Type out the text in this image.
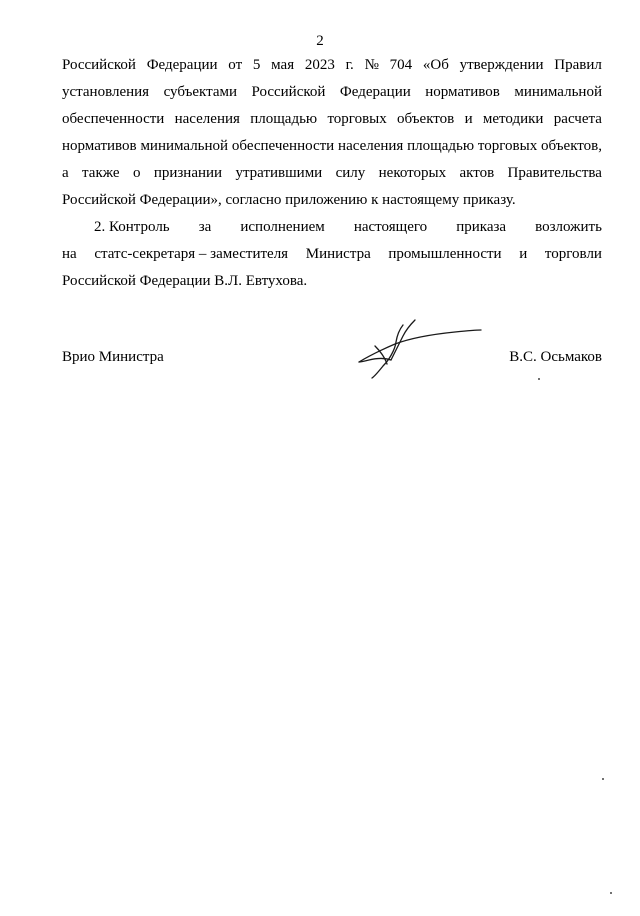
2
Российской Федерации от 5 мая 2023 г. № 704 «Об утверждении Правил
установления субъектами Российской Федерации нормативов минимальной
обеспеченности населения площадью торговых объектов и методики расчета
нормативов минимальной обеспеченности населения площадью торговых объектов,
а также о признании утратившими силу некоторых актов Правительства
Российской Федерации», согласно приложению к настоящему приказу.
2. Контроль за исполнением настоящего приказа возложить
на статс-секретаря – заместителя Министра промышленности и торговли
Российской Федерации В.Л. Евтухова.
Врио Министра	В.С. Осьмаков
